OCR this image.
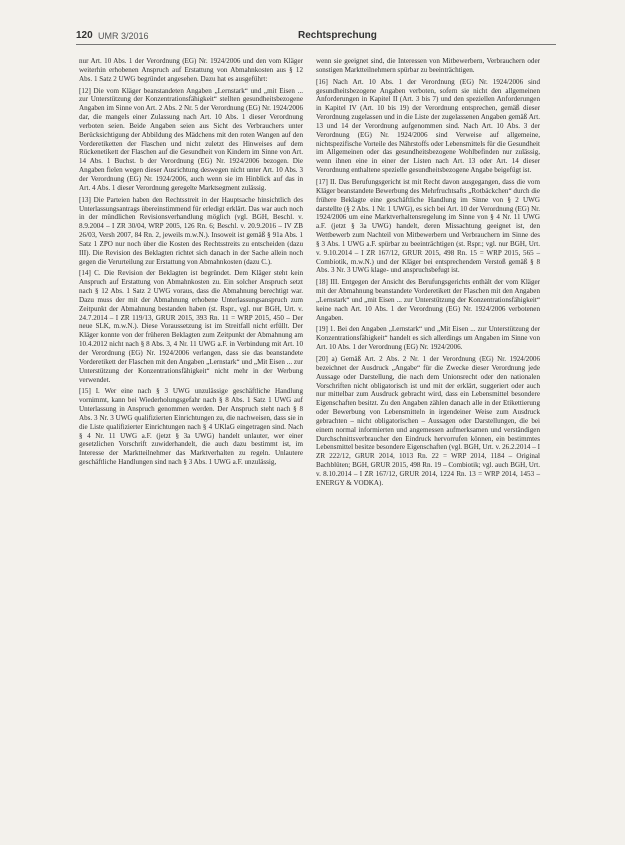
120 UMR 3/2016	Rechtsprechung

nur Art. 10 Abs. 1 der Verordnung (EG) Nr. 1924/2006 und den vom Kläger weiterhin erhobenen Anspruch auf Erstattung von Abmahnkosten aus § 12 Abs. 1 Satz 2 UWG begründet angesehen. Dazu hat es ausgeführt:

[12] Die vom Kläger beanstandeten Angaben „Lernstark“ und „mit Eisen ... zur Unterstützung der Konzentrationsfähigkeit“ stellten gesundheitsbezogene Angaben im Sinne von Art. 2 Abs. 2 Nr. 5 der Verordnung (EG) Nr. 1924/2006 dar, die mangels einer Zulassung nach Art. 10 Abs. 1 dieser Verordnung verboten seien. Beide Angaben seien aus Sicht des Verbrauchers unter Berücksichtigung der Abbildung des Mädchens mit den roten Wangen auf den Vorderetiketten der Flaschen und nicht zuletzt des Hinweises auf dem Rückenetikett der Flaschen auf die Gesundheit von Kindern im Sinne von Art. 14 Abs. 1 Buchst. b der Verordnung (EG) Nr. 1924/2006 bezogen. Die Angaben fielen wegen dieser Ausrichtung deswegen nicht unter Art. 10 Abs. 3 der Verordnung (EG) Nr. 1924/2006, auch wenn sie im Hinblick auf das in Art. 4 Abs. 1 dieser Verordnung geregelte Marktsegment zulässig.

[13] Die Parteien haben den Rechtsstreit in der Hauptsache hinsichtlich des Unterlassungsantrags übereinstimmend für erledigt erklärt. Das war auch noch in der mündlichen Revisionsverhandlung möglich (vgl. BGH, Beschl. v. 8.9.2004 – I ZR 30/04, WRP 2005, 126 Rn. 6; Beschl. v. 20.9.2016 – IV ZB 26/03, Versh 2007, 84 Rn. 2, jeweils m.w.N.). Insoweit ist gemäß § 91a Abs. 1 Satz 1 ZPO nur noch über die Kosten des Rechtsstreits zu entscheiden (dazu III). Die Revision des Beklagten richtet sich danach in der Sache allein noch gegen die Verurteilung zur Erstattung von Abmahnkosten (dazu C.).

[14] C. Die Revision der Beklagten ist begründet. Dem Kläger steht kein Anspruch auf Erstattung von Abmahnkosten zu. Ein solcher Anspruch setzt nach § 12 Abs. 1 Satz 2 UWG voraus, dass die Abmahnung berechtigt war. Dazu muss der mit der Abmahnung erhobene Unterlassungsanspruch zum Zeitpunkt der Abmahnung bestanden haben (st. Rspr., vgl. nur BGH, Urt. v. 24.7.2014 – I ZR 119/13, GRUR 2015, 393 Rn. 11 = WRP 2015, 450 – Der neue SLK, m.w.N.). Diese Voraussetzung ist im Streitfall nicht erfüllt. Der Kläger konnte von der früheren Beklagten zum Zeitpunkt der Abmahnung am 10.4.2012 nicht nach § 8 Abs. 3, 4 Nr. 11 UWG a.F. in Verbindung mit Art. 10 der Verordnung (EG) Nr. 1924/2006 verlangen, dass sie das beanstandete Vorderetikett der Flaschen mit den Angaben „Lernstark“ und „Mit Eisen ... zur Unterstützung der Konzentrationsfähigkeit“ nicht mehr in der Werbung verwendet.

[15] I. Wer eine nach § 3 UWG unzulässige geschäftliche Handlung vornimmt, kann bei Wiederholungsgefahr nach § 8 Abs. 1 Satz 1 UWG auf Unterlassung in Anspruch genommen werden. Der Anspruch steht nach § 8 Abs. 3 Nr. 3 UWG qualifizierten Einrichtungen zu, die nachweisen, dass sie in die Liste qualifizierter Einrichtungen nach § 4 UKlaG eingetragen sind. Nach § 4 Nr. 11 UWG a.F. (jetzt § 3a UWG) handelt unlauter, wer einer gesetzlichen Vorschrift zuwiderhandelt, die auch dazu bestimmt ist, im Interesse der Marktteilnehmer das Marktverhalten zu regeln. Unlautere geschäftliche Handlungen sind nach § 3 Abs. 1 UWG a.F. unzulässig,

wenn sie geeignet sind, die Interessen von Mitbewerbern, Verbrauchern oder sonstigen Marktteilnehmern spürbar zu beeinträchtigen.

[16] Nach Art. 10 Abs. 1 der Verordnung (EG) Nr. 1924/2006 sind gesundheitsbezogene Angaben verboten, sofern sie nicht den allgemeinen Anforderungen in Kapitel II (Art. 3 bis 7) und den speziellen Anforderungen in Kapitel IV (Art. 10 bis 19) der Verordnung entsprechen, gemäß dieser Verordnung zugelassen und in die Liste der zugelassenen Angaben gemäß Art. 13 und 14 der Verordnung aufgenommen sind. Nach Art. 10 Abs. 3 der Verordnung (EG) Nr. 1924/2006 sind Verweise auf allgemeine, nichtspezifische Vorteile des Nährstoffs oder Lebensmittels für die Gesundheit im Allgemeinen oder das gesundheitsbezogene Wohlbefinden nur zulässig, wenn ihnen eine in einer der Listen nach Art. 13 oder Art. 14 dieser Verordnung enthaltene spezielle gesundheitsbezogene Angabe beigefügt ist.

[17] II. Das Berufungsgericht ist mit Recht davon ausgegangen, dass die vom Kläger beanstandete Bewerbung des Mehrfruchtsafts „Rotbäckchen“ durch die frühere Beklagte eine geschäftliche Handlung im Sinne von § 2 UWG darstellte (§ 2 Abs. 1 Nr. 1 UWG), es sich bei Art. 10 der Verordnung (EG) Nr. 1924/2006 um eine Marktverhaltensregelung im Sinne von § 4 Nr. 11 UWG a.F. (jetzt § 3a UWG) handelt, deren Missachtung geeignet ist, den Wettbewerb zum Nachteil von Mitbewerbern und Verbrauchern im Sinne des § 3 Abs. 1 UWG a.F. spürbar zu beeinträchtigen (st. Rspr.; vgl. nur BGH, Urt. v. 9.10.2014 – I ZR 167/12, GRUR 2015, 498 Rn. 15 = WRP 2015, 565 – Combiotik, m.w.N.) und der Kläger bei entsprechendem Verstoß gemäß § 8 Abs. 3 Nr. 3 UWG klage- und anspruchsbefugt ist.

[18] III. Entgegen der Ansicht des Berufungsgerichts enthält der vom Kläger mit der Abmahnung beanstandete Vorderetikett der Flaschen mit den Angaben „Lernstark“ und „mit Eisen ... zur Unterstützung der Konzentrationsfähigkeit“ keine nach Art. 10 Abs. 1 der Verordnung (EG) Nr. 1924/2006 verbotenen Angaben.

[19] 1. Bei den Angaben „Lernstark“ und „Mit Eisen ... zur Unterstützung der Konzentrationsfähigkeit“ handelt es sich allerdings um Angaben im Sinne von Art. 10 Abs. 1 der Verordnung (EG) Nr. 1924/2006.

[20] a) Gemäß Art. 2 Abs. 2 Nr. 1 der Verordnung (EG) Nr. 1924/2006 bezeichnet der Ausdruck „Angabe“ für die Zwecke dieser Verordnung jede Aussage oder Darstellung, die nach dem Unionsrecht oder den nationalen Vorschriften nicht obligatorisch ist und mit der erklärt, suggeriert oder auch nur mittelbar zum Ausdruck gebracht wird, dass ein Lebensmittel besondere Eigenschaften besitzt. Zu den Angaben zählen danach alle in der Etikettierung oder Bewerbung von Lebensmitteln in irgendeiner Weise zum Ausdruck gebrachten – nicht obligatorischen – Aussagen oder Darstellungen, die bei einem normal informierten und angemessen aufmerksamen und verständigen Durchschnittsverbraucher den Eindruck hervorrufen können, ein bestimmtes Lebensmittel besitze besondere Eigenschaften (vgl. BGH, Urt. v. 26.2.2014 – I ZR 222/12, GRUR 2014, 1013 Rn. 22 = WRP 2014, 1184 – Original Bachblüten; BGH, GRUR 2015, 498 Rn. 19 – Combiotik; vgl. auch BGH, Urt. v. 8.10.2014 – I ZR 167/12, GRUR 2014, 1224 Rn. 13 = WRP 2014, 1453 – ENERGY & VODKA).
